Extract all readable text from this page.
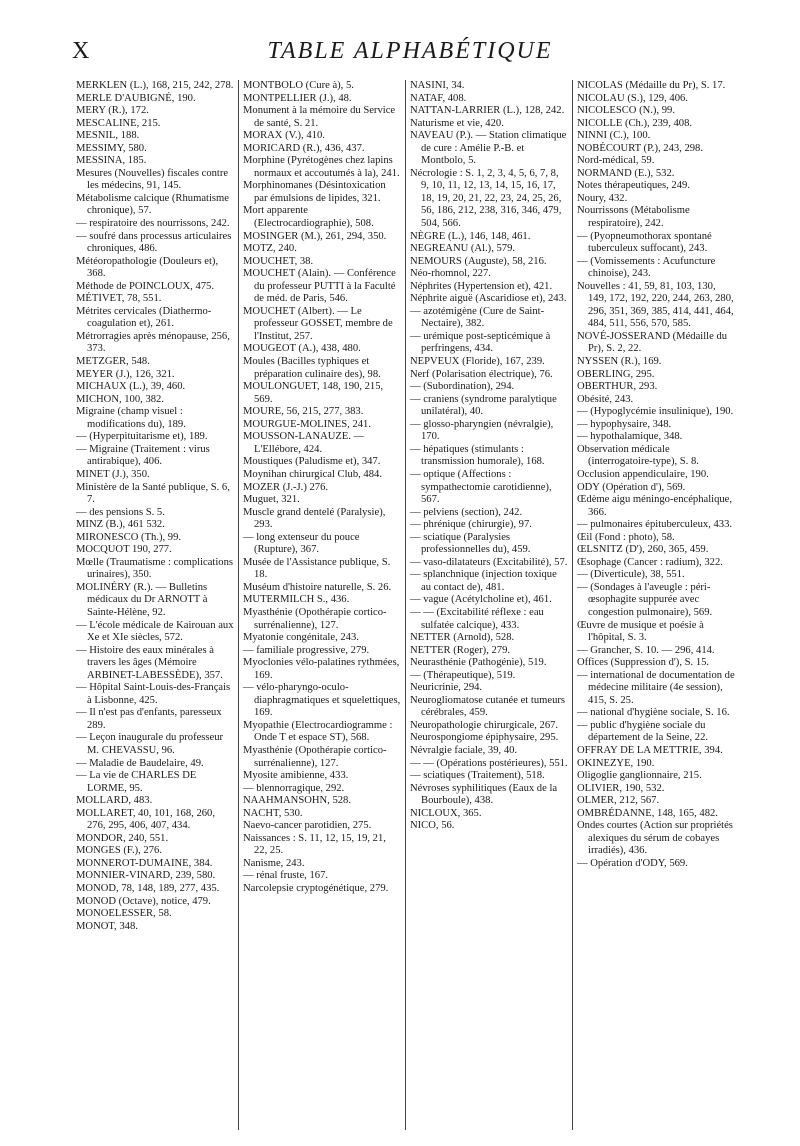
X	TABLE ALPHABÉTIQUE
MERKLEN (L.), 168, 215, 242, 278.
MERLE D'AUBIGNÉ, 190.
MERY (R.), 172.
MESCALINE, 215.
MESNIL, 188.
MESSIMY, 580.
MESSINA, 185.
Mesures (Nouvelles) fiscales contre les médecins, 91, 145.
Métabolisme calcique (Rhumatisme chronique), 57.
— respiratoire des nourrissons, 242.
— soufré dans processus articulaires chroniques, 486.
Météoropathologie (Douleurs et), 368.
Méthode de POINCLOUX, 475.
MÉTIVET, 78, 551.
Métrites cervicales (Diathermo-coagulation et), 261.
Métrorragies après ménopause, 256, 373.
METZGER, 548.
MEYER (J.), 126, 321.
MICHAUX (L.), 39, 460.
MICHON, 100, 382.
Migraine (champ visuel : modifications du), 189.
— (Hyperpituitarisme et), 189.
— Migraine (Traitement : virus antirabique), 406.
MINET (J.), 350.
Ministère de la Santé publique, S. 6, 7.
— des pensions S. 5.
MINZ (B.), 461 532.
MIRONESCO (Th.), 99.
MOCQUOT 190, 277.
Mœlle (Traumatisme : complications urinaires), 350.
MOLINÉRY (R.). — Bulletins médicaux du Dr ARNOTT à Sainte-Hélène, 92.
— L'école médicale de Kairouan aux Xe et XIe siècles, 572.
— Histoire des eaux minérales à travers les âges (Mémoire ARBINET-LABESSÈDE), 357.
— Hôpital Saint-Louis-des-Français à Lisbonne, 425.
— Il n'est pas d'enfants, paresseux 289.
— Leçon inaugurale du professeur M. CHEVASSU, 96.
— Maladie de Baudelaire, 49.
— La vie de CHARLES DE LORME, 95.
MOLLARD, 483.
MOLLARET, 40, 101, 168, 260, 276, 295, 406, 407, 434.
MONDOR, 240, 551.
MONGES (F.), 276.
MONNEROT-DUMAINE, 384.
MONNIER-VINARD, 239, 580.
MONOD, 78, 148, 189, 277, 435.
MONOD (Octave), notice, 479.
MONOELESSER, 58.
MONOT, 348.
MONTBOLO (Cure à), 5.
MONTPELLIER (J.), 48.
Monument à la mémoire du Service de santé, S. 21.
MORAX (V.), 410.
MORICARD (R.), 436, 437.
Morphine (Pyrétogènes chez lapins normaux et accoutumés à la), 241.
Morphinomanes (Désintoxication par émulsions de lipides, 321.
Mort apparente (Electrocardiographie), 508.
MOSINGER (M.), 261, 294, 350.
MOTZ, 240.
MOUCHET, 38.
MOUCHET (Alain). — Conférence du professeur PUTTI à la Faculté de méd. de Paris, 546.
MOUCHET (Albert). — Le professeur GOSSET, membre de l'Institut, 257.
MOUGEOT (A.), 438, 480.
Moules (Bacilles typhiques et préparation culinaire des), 98.
MOULONGUET, 148, 190, 215, 569.
MOURE, 56, 215, 277, 383.
MOURGUE-MOLINES, 241.
MOUSSON-LANAUZE. — L'Ellébore, 424.
Moustiques (Paludisme et), 347.
Moynihan chirurgical Club, 484.
MOZER (J.-J.) 276.
Muguet, 321.
Muscle grand dentelé (Paralysie), 293.
— long extenseur du pouce (Rupture), 367.
Musée de l'Assistance publique, S. 18.
Muséum d'histoire naturelle, S. 26.
MUTERMILCH S., 436.
Myasthénie (Opothérapie cortico-surrénalienne), 127.
Myatonie congénitale, 243.
— familiale progressive, 279.
Myoclonies vélo-palatines rythmées, 169.
— vélo-pharyngo-oculo-diaphragmatiques et squelettiques, 169.
Myopathie (Electrocardiogramme : Onde T et espace ST), 568.
Myasthénie (Opothérapie cortico-surrénalienne), 127.
Myosite amibienne, 433.
— blennorragique, 292.
NAAHMANSOHN, 528.
NACHT, 530.
Naevo-cancer parotidien, 275.
Naissances : S. 11, 12, 15, 19, 21, 22, 25.
Nanisme, 243.
— rénal fruste, 167.
Narcolepsie cryptogénétique, 279.
NASINI, 34.
NATAF, 408.
NATTAN-LARRIER (L.), 128, 242.
Naturisme et vie, 420.
NAVEAU (P.). — Station climatique de cure : Amélie P.-B. et Montbolo, 5.
Nécrologie : S. 1, 2, 3, 4, 5, 6, 7, 8, 9, 10, 11, 12, 13, 14, 15, 16, 17, 18, 19, 20, 21, 22, 23, 24, 25, 26, 56, 186, 212, 238, 316, 346, 479, 504, 566.
NÈGRE (L.), 146, 148, 461.
NEGREANU (Al.), 579.
NEMOURS (Auguste), 58, 216.
Néo-rhomnol, 227.
Néphrites (Hypertension et), 421.
Néphrite aiguë (Ascaridiose et), 243.
— azotémigène (Cure de Saint-Nectaire), 382.
— urémique post-septicémique à perfringens, 434.
NEPVEUX (Floride), 167, 239.
Nerf (Polarisation électrique), 76.
— (Subordination), 294.
— craniens (syndrome paralytique unilatéral), 40.
— glosso-pharyngien (névralgie), 170.
— hépatiques (stimulants : transmission humorale), 168.
— optique (Affections : sympathectomie carotidienne), 567.
— pelviens (section), 242.
— phrénique (chirurgie), 97.
— sciatique (Paralysies professionnelles du), 459.
— vaso-dilatateurs (Excitabilité), 57.
— splanchnique (injection toxique au contact de), 481.
— vague (Acétylcholine et), 461.
— — (Excitabilité réflexe : eau sulfatée calcique), 433.
NETTER (Arnold), 528.
NETTER (Roger), 279.
Neurasthénie (Pathogénie), 519.
— (Thérapeutique), 519.
Neuricrinie, 294.
Neurogliomatose cutanée et tumeurs cérébrales, 459.
Neuropathologie chirurgicale, 267.
Neurospongiome épiphysaire, 295.
Névralgie faciale, 39, 40.
— — (Opérations postérieures), 551.
— sciatiques (Traitement), 518.
Névroses syphilitiques (Eaux de la Bourboule), 438.
NICLOUX, 365.
NICO, 56.
NICOLAS (Médaille du Pr), S. 17.
NICOLAU (S.), 129, 406.
NICOLESCO (N.), 99.
NICOLLE (Ch.), 239, 408.
NINNI (C.), 100.
NOBÉCOURT (P.), 243, 298.
Nord-médical, 59.
NORMAND (E.), 532.
Notes thérapeutiques, 249.
Noury, 432.
Nourrissons (Métabolisme respiratoire), 242.
— (Pyopneumothorax spontané tuberculeux suffocant), 243.
— (Vomissements : Acufuncture chinoise), 243.
Nouvelles : 41, 59, 81, 103, 130, 149, 172, 192, 220, 244, 263, 280, 296, 351, 369, 385, 414, 441, 464, 484, 511, 556, 570, 585.
NOVÉ-JOSSERAND (Médaille du Pr), S. 2, 22.
NYSSEN (R.), 169.
OBERLING, 295.
OBERTHUR, 293.
Obésité, 243.
— (Hypoglycémie insulinique), 190.
— hypophysaire, 348.
— hypothalamique, 348.
Observation médicale (interrogatoire-type), S. 8.
Occlusion appendiculaire, 190.
ODY (Opération d'), 569.
Œdème aigu méningo-encéphalique, 366.
— pulmonaires épituberculeux, 433.
Œil (Fond : photo), 58.
ŒLSNITZ (D'), 260, 365, 459.
Œsophage (Cancer : radium), 322.
— (Diverticule), 38, 551.
— (Sondages à l'aveugle : péri-œsophagite suppurée avec congestion pulmonaire), 569.
Œuvre de musique et poésie à l'hôpital, S. 3.
— Grancher, S. 10. — 296, 414.
Offices (Suppression d'), S. 15.
— international de documentation de médecine militaire (4e session), 415, S. 25.
— national d'hygiène sociale, S. 16.
— public d'hygiène sociale du département de la Seine, 22.
OFFRAY DE LA METTRIE, 394.
OKINEZYE, 190.
Oligoglie ganglionnaire, 215.
OLIVIER, 190, 532.
OLMER, 212, 567.
OMBRÉDANNE, 148, 165, 482.
Ondes courtes (Action sur propriétés alexiques du sérum de cobayes irradiés), 436.
— Opération d'ODY, 569.
